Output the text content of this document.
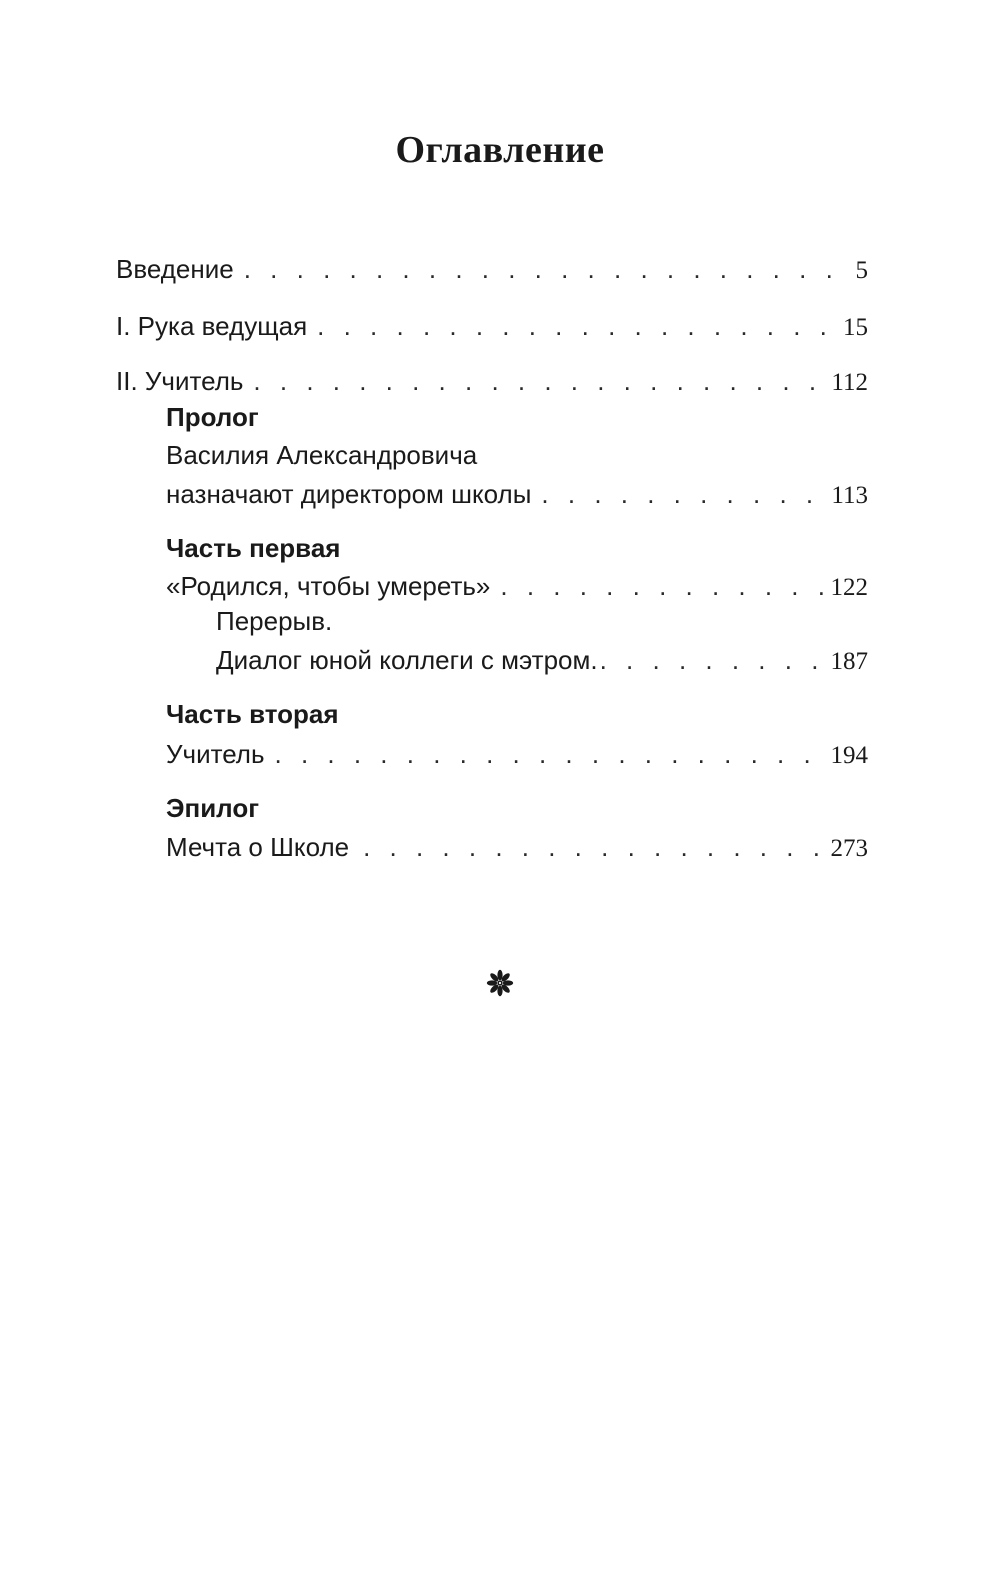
Оглавление
Введение . . .	5
I. Рука ведущая . . .	15
II. Учитель . . .	112
Пролог
Василия Александровича
назначают директором школы . . .	113
Часть первая
«Родился, чтобы умереть» . . .	122
Перерыв.
Диалог юной коллеги с мэтром. . . .	187
Часть вторая
Учитель . . .	194
Эпилог
Мечта о Школе . . .	273
